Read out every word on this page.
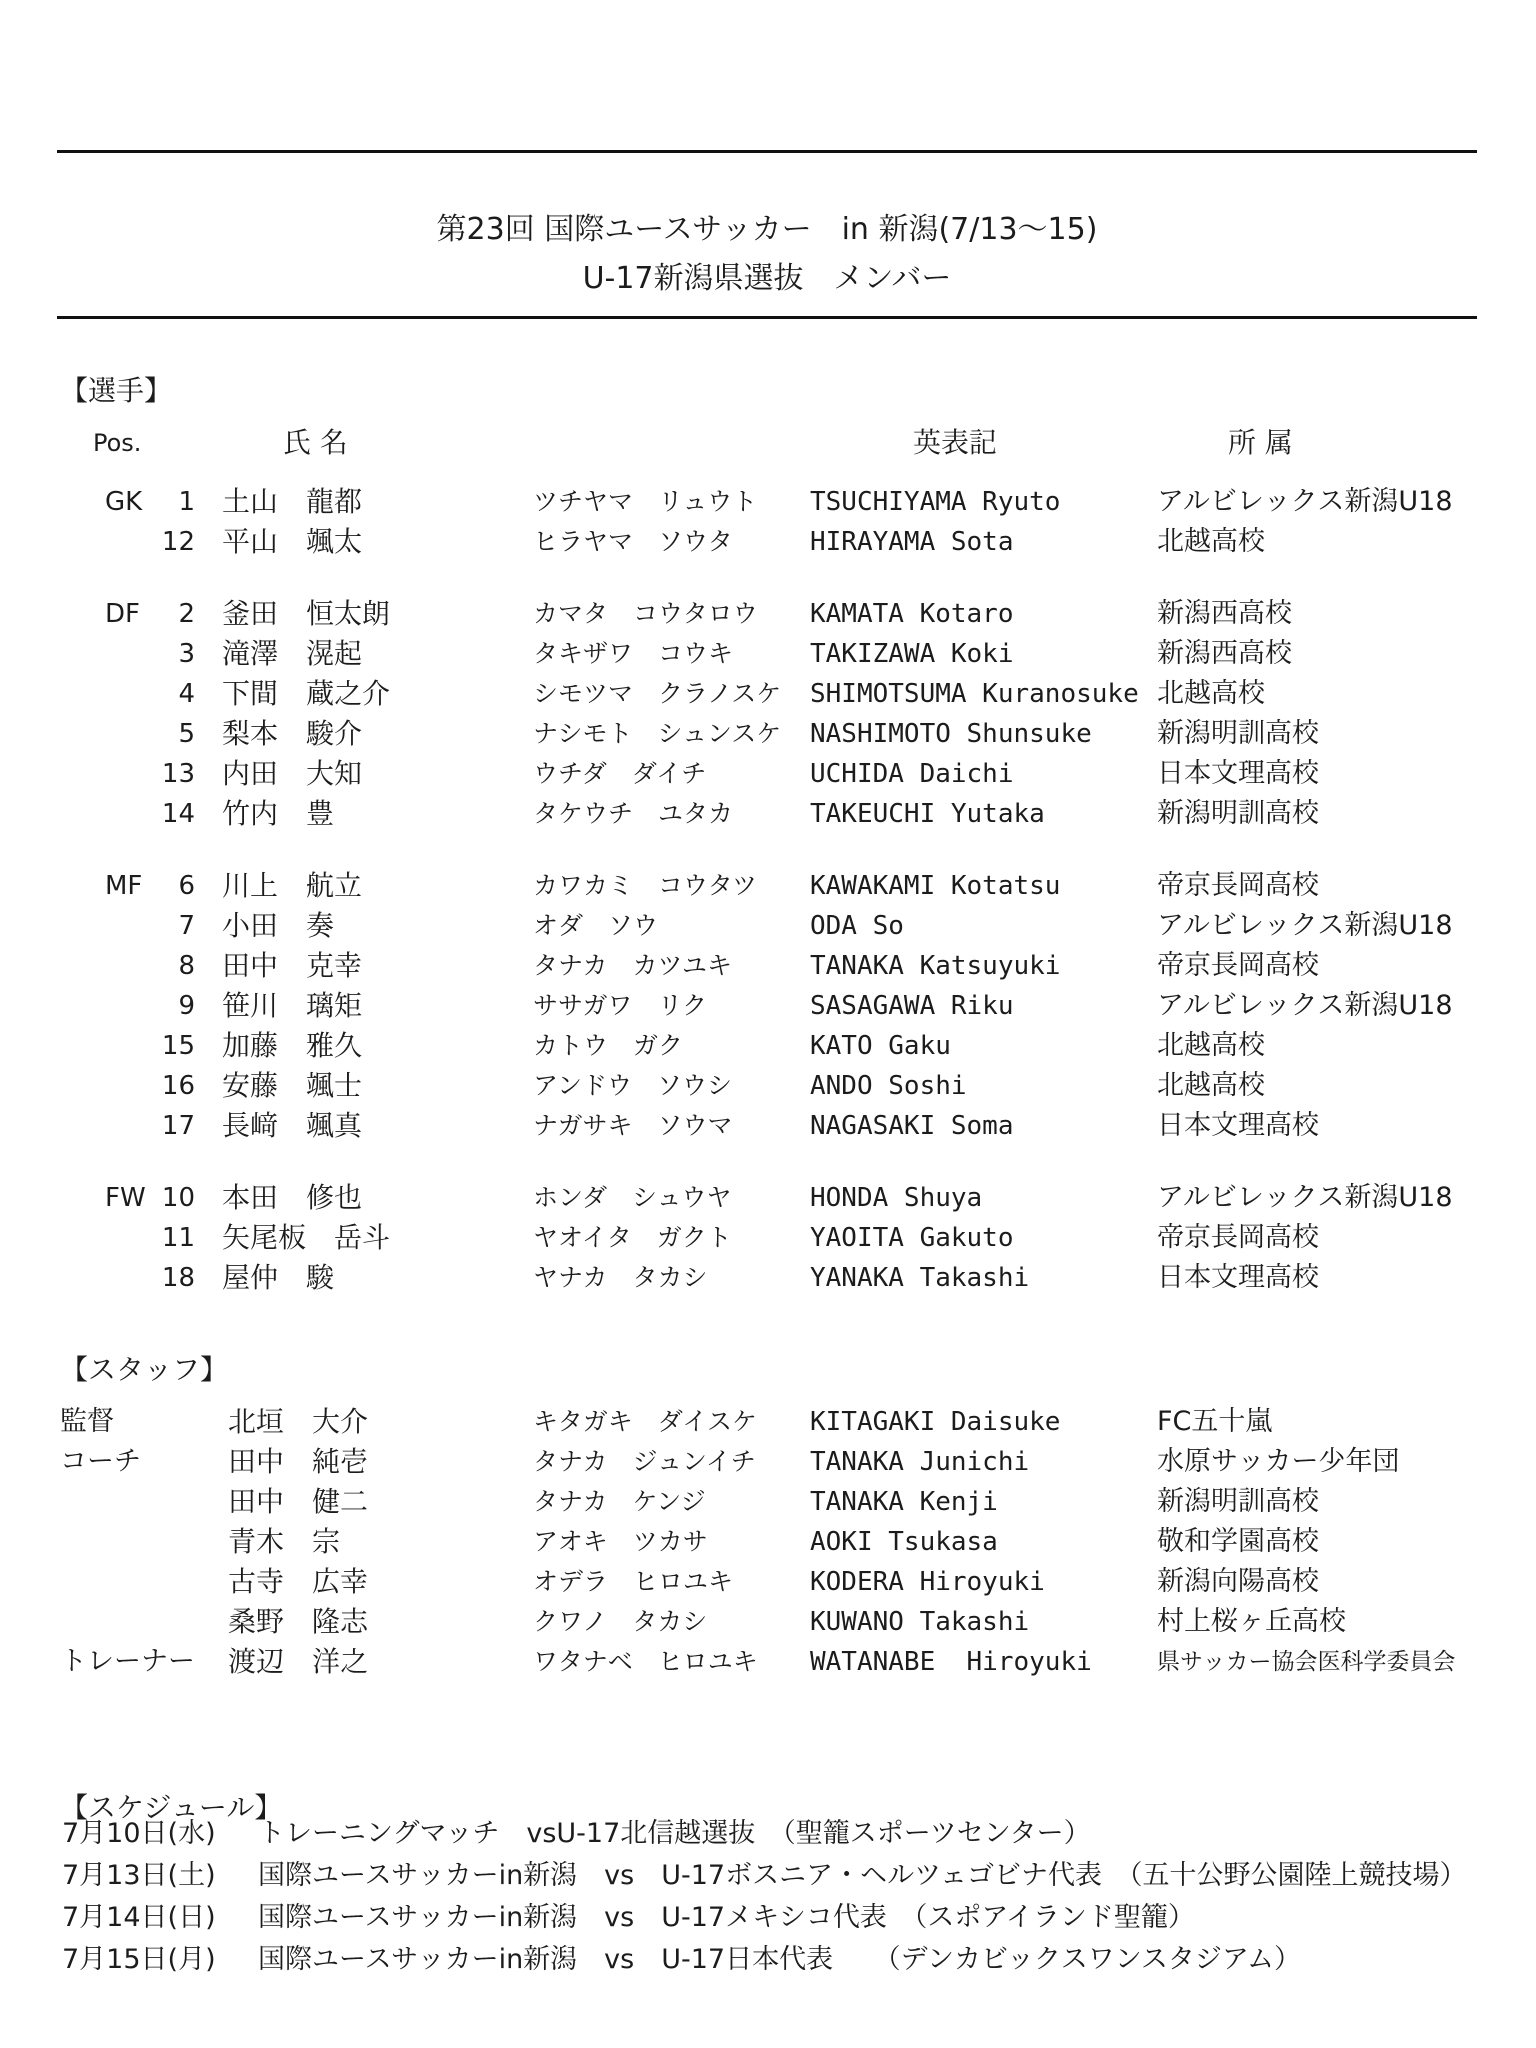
第23回 国際ユースサッカー　in 新潟(7/13～15)
U-17新潟県選抜　メンバー
【選手】
Pos.	氏 名	英表記	所 属
GK	1 土山　龍都	ツチヤマ　リュウト	TSUCHIYAMA Ryuto	アルビレックス新潟U18
12 平山　颯太	ヒラヤマ　ソウタ	HIRAYAMA Sota	北越高校
DF	2 釜田　恒太朗	カマタ　コウタロウ	KAMATA Kotaro	新潟西高校
3 滝澤　滉起	タキザワ　コウキ	TAKIZAWA Koki	新潟西高校
4 下間　蔵之介	シモツマ　クラノスケ	SHIMOTSUMA Kuranosuke 北越高校
5 梨本　駿介	ナシモト　シュンスケ	NASHIMOTO Shunsuke	新潟明訓高校
13 内田　大知	ウチダ　ダイチ	UCHIDA Daichi	日本文理高校
14 竹内　豊	タケウチ　ユタカ	TAKEUCHI Yutaka	新潟明訓高校
MF	6 川上　航立	カワカミ　コウタツ	KAWAKAMI Kotatsu	帝京長岡高校
7 小田　奏	オダ　ソウ	ODA So	アルビレックス新潟U18
8 田中　克幸	タナカ　カツユキ	TANAKA Katsuyuki	帝京長岡高校
9 笹川　璃矩	ササガワ　リク	SASAGAWA Riku	アルビレックス新潟U18
15 加藤　雅久	カトウ　ガク	KATO Gaku	北越高校
16 安藤　颯士	アンドウ　ソウシ	ANDO Soshi	北越高校
17 長﨑　颯真	ナガサキ　ソウマ	NAGASAKI Soma	日本文理高校
FW 10 本田　修也	ホンダ　シュウヤ	HONDA Shuya	アルビレックス新潟U18
11 矢尾板　岳斗	ヤオイタ　ガクト	YAOITA Gakuto	帝京長岡高校
18 屋仲　駿	ヤナカ　タカシ	YANAKA Takashi	日本文理高校
【スタッフ】
監督	北垣　大介	キタガキ　ダイスケ	KITAGAKI Daisuke	FC五十嵐
コーチ	田中　純壱	タナカ　ジュンイチ	TANAKA Junichi	水原サッカー少年団
田中　健二	タナカ　ケンジ	TANAKA Kenji	新潟明訓高校
青木　宗	アオキ　ツカサ	AOKI Tsukasa	敬和学園高校
古寺　広幸	オデラ　ヒロユキ	KODERA Hiroyuki	新潟向陽高校
桑野　隆志	クワノ　タカシ	KUWANO Takashi	村上桜ヶ丘高校
トレーナー	渡辺　洋之	ワタナベ　ヒロユキ	WATANABE  Hiroyuki	県サッカー協会医科学委員会
【スケジュール】
7月10日(水)	トレーニングマッチ　vsU-17北信越選抜　（聖籠スポーツセンター）
7月13日(土)	国際ユースサッカーin新潟　vs　U-17ボスニア・ヘルツェゴビナ代表　（五十公野公園陸上競技場）
7月14日(日)	国際ユースサッカーin新潟　vs　U-17メキシコ代表　（スポアイランド聖籠）
7月15日(月)	国際ユースサッカーin新潟　vs　U-17日本代表　　（デンカビックスワンスタジアム）
